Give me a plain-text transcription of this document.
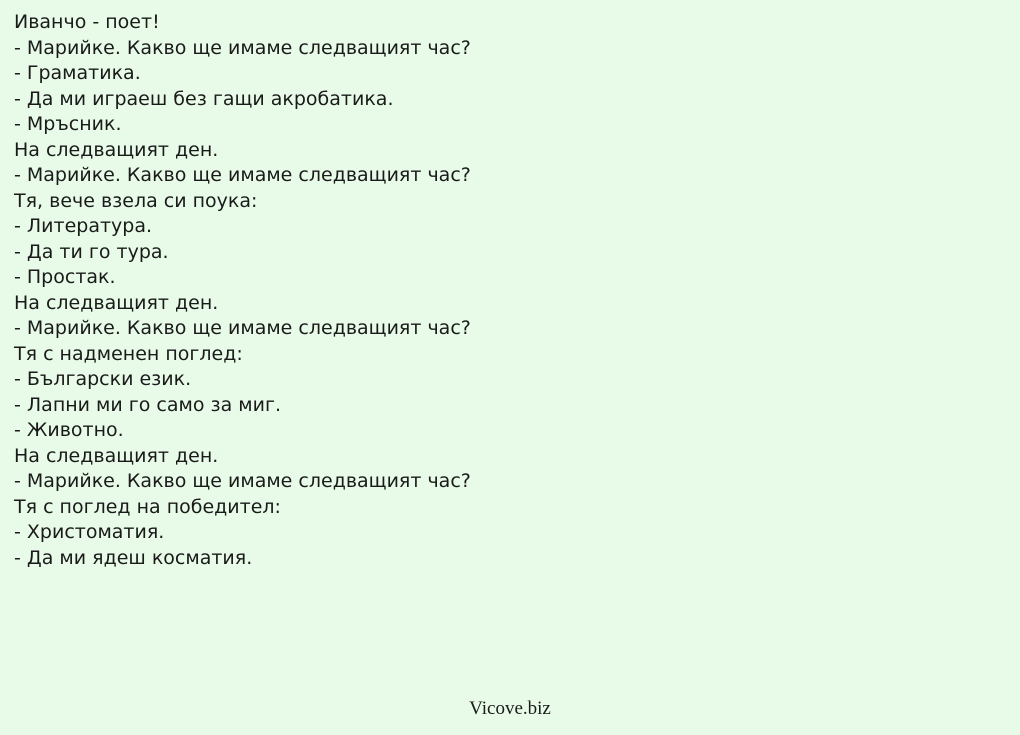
Иванчо - поет!
- Марийке. Какво ще имаме следващият час?
- Граматика.
- Да ми играеш без гащи акробатика.
- Мръсник.
На следващият ден.
- Марийке. Какво ще имаме следващият час?
Тя, вече взела си поука:
- Литература.
- Да ти го тура.
- Простак.
На следващият ден.
- Марийке. Какво ще имаме следващият час?
Тя с надменен поглед:
- Български език.
- Лапни ми го само за миг.
- Животно.
На следващият ден.
- Марийке. Какво ще имаме следващият час?
Тя с поглед на победител:
- Христоматия.
- Да ми ядеш косматия.
Vicove.biz
